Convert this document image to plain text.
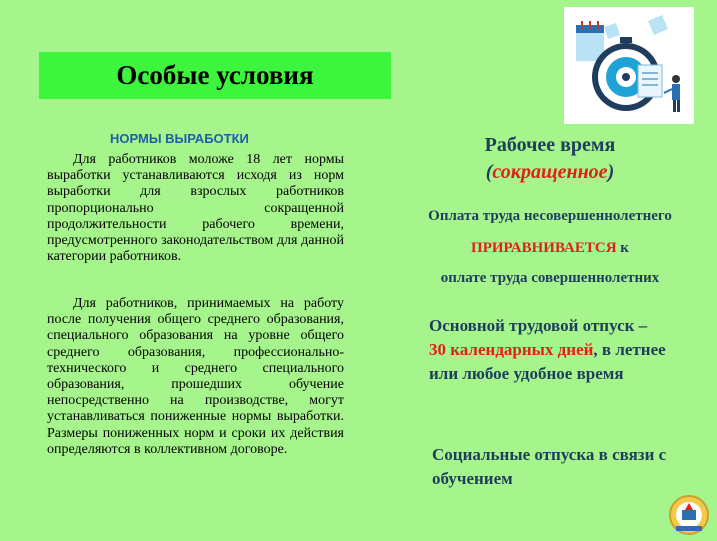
Особые условия
НОРМЫ ВЫРАБОТКИ

Для работников моложе 18 лет нормы выработки устанавливаются исходя из норм выработки для взрослых работников пропорционально сокращенной продолжительности рабочего времени, предусмотренного законодательством для данной категории работников.

Для работников, принимаемых на работу после получения общего среднего образования, специального образования на уровне общего среднего образования, профессионально-технического и среднего специального образования, прошедших обучение непосредственно на производстве, могут устанавливаться пониженные нормы выработки. Размеры пониженных норм и сроки их действия определяются в коллективном договоре.

Рабочее время
(сокращенное)
Оплата труда несовершеннолетнего
ПРИРАВНИВАЕТСЯ к
оплате труда совершеннолетних
Основной трудовой отпуск –
30 календарных дней, в летнее или любое удобное время
Социальные отпуска в связи с обучением
